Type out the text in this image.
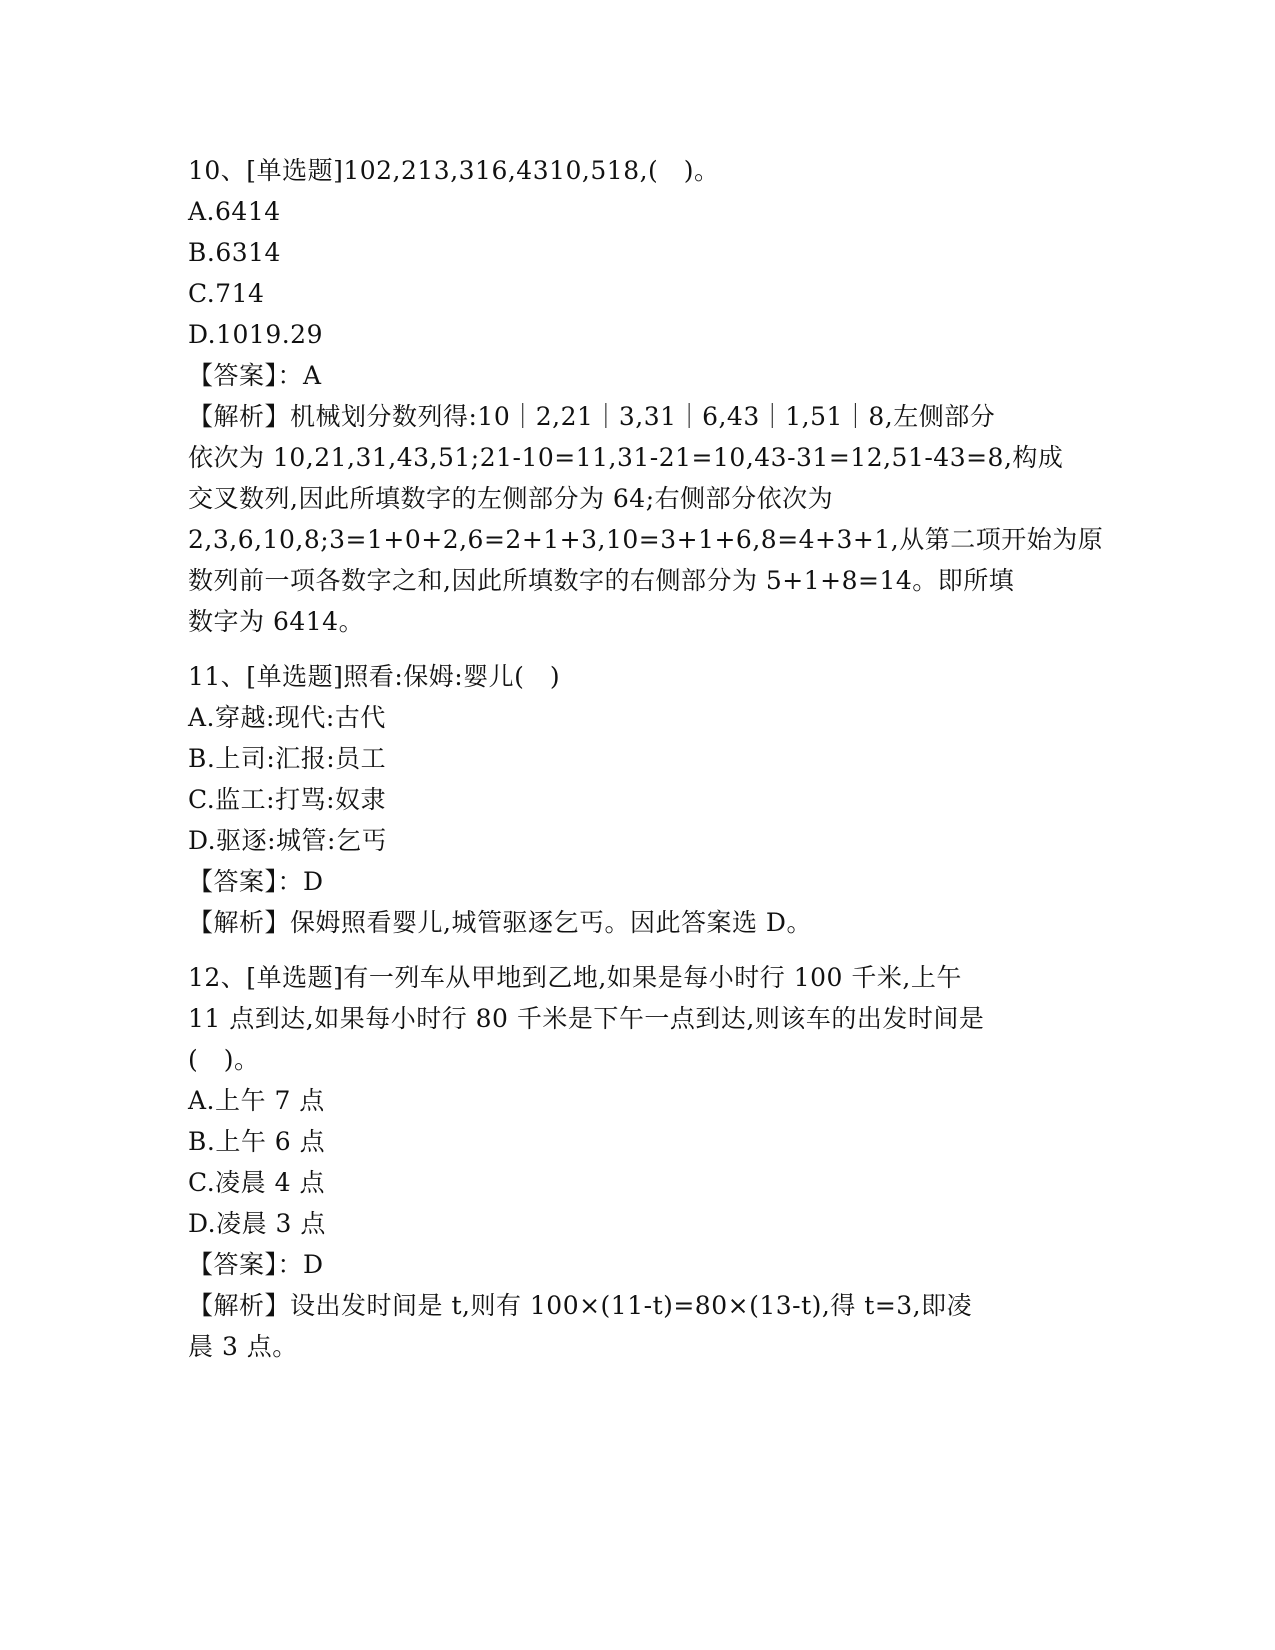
10、[单选题]102,213,316,4310,518,(　)。
A.6414
B.6314
C.714
D.1019.29
【答案】：A
【解析】机械划分数列得:10｜2,21｜3,31｜6,43｜1,51｜8,左侧部分
依次为 10,21,31,43,51;21-10=11,31-21=10,43-31=12,51-43=8,构成
交叉数列,因此所填数字的左侧部分为 64;右侧部分依次为
2,3,6,10,8;3=1+0+2,6=2+1+3,10=3+1+6,8=4+3+1,从第二项开始为原
数列前一项各数字之和,因此所填数字的右侧部分为 5+1+8=14。即所填
数字为 6414。
11、[单选题]照看:保姆:婴儿(　)
A.穿越:现代:古代
B.上司:汇报:员工
C.监工:打骂:奴隶
D.驱逐:城管:乞丐
【答案】：D
【解析】保姆照看婴儿,城管驱逐乞丐。因此答案选 D。
12、[单选题]有一列车从甲地到乙地,如果是每小时行 100 千米,上午
11 点到达,如果每小时行 80 千米是下午一点到达,则该车的出发时间是
(　)。
A.上午 7 点
B.上午 6 点
C.凌晨 4 点
D.凌晨 3 点
【答案】：D
【解析】设出发时间是 t,则有 100×(11-t)=80×(13-t),得 t=3,即凌
晨 3 点。
